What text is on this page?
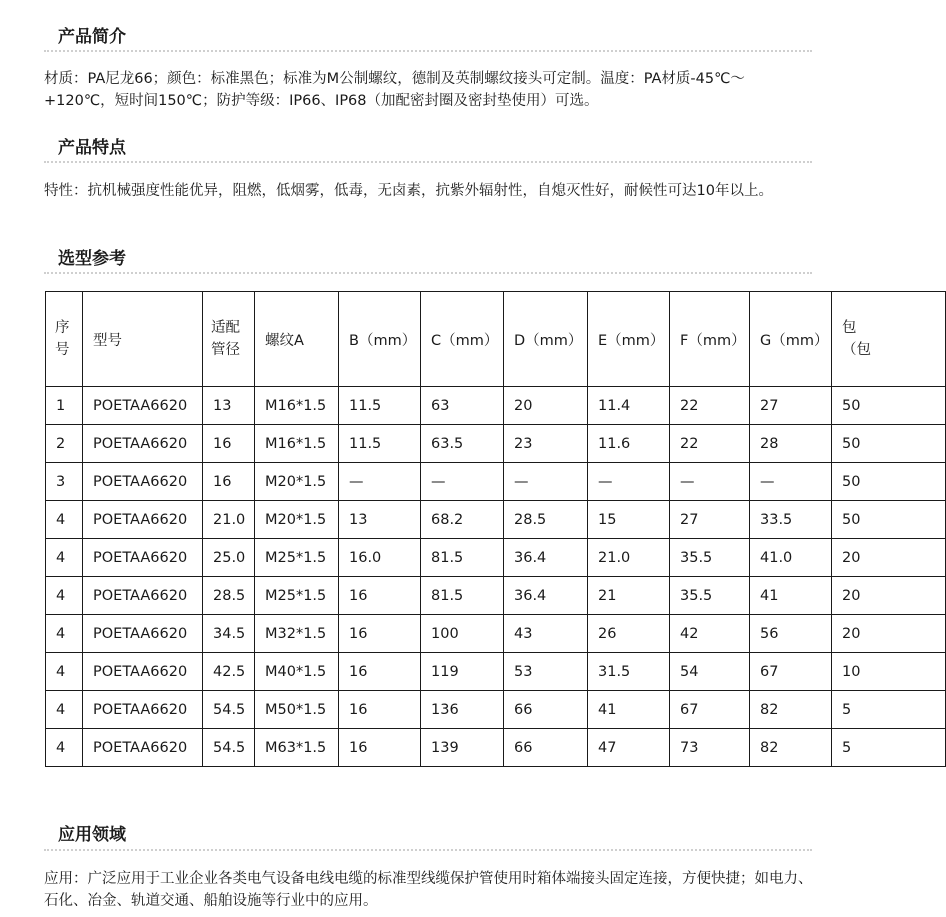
产品简介

材质：PA尼龙66；颜色：标准黑色；标准为M公制螺纹，德制及英制螺纹接头可定制。温度：PA材质-45℃～+120℃，短时间150℃；防护等级：IP66、IP68（加配密封圈及密封垫使用）可选。

产品特点

特性：抗机械强度性能优异，阻燃，低烟雾，低毒，无卤素，抗紫外辐射性，自熄灭性好，耐候性可达10年以上。

选型参考
序号	型号	适配管径	螺纹A	B（mm）	C（mm）	D（mm）	E（mm）	F（mm）	G（mm）	包（包

1	POETAA6620	13	M16*1.5	11.5	63	20	11.4	22	27	50
2	POETAA6620	16	M16*1.5	11.5	63.5	23	11.6	22	28	50
3	POETAA6620	16	M20*1.5	—	—	—	—	—	—	50
4	POETAA6620	21.0	M20*1.5	13	68.2	28.5	15	27	33.5	50
4	POETAA6620	25.0	M25*1.5	16.0	81.5	36.4	21.0	35.5	41.0	20
4	POETAA6620	28.5	M25*1.5	16	81.5	36.4	21	35.5	41	20
4	POETAA6620	34.5	M32*1.5	16	100	43	26	42	56	20
4	POETAA6620	42.5	M40*1.5	16	119	53	31.5	54	67	10
4	POETAA6620	54.5	M50*1.5	16	136	66	41	67	82	5
4	POETAA6620	54.5	M63*1.5	16	139	66	47	73	82	5
应用领域

应用：广泛应用于工业企业各类电气设备电线电缆的标准型线缆保护管使用时箱体端接头固定连接，方便快捷；如电力、石化、冶金、轨道交通、船舶设施等行业中的应用。
